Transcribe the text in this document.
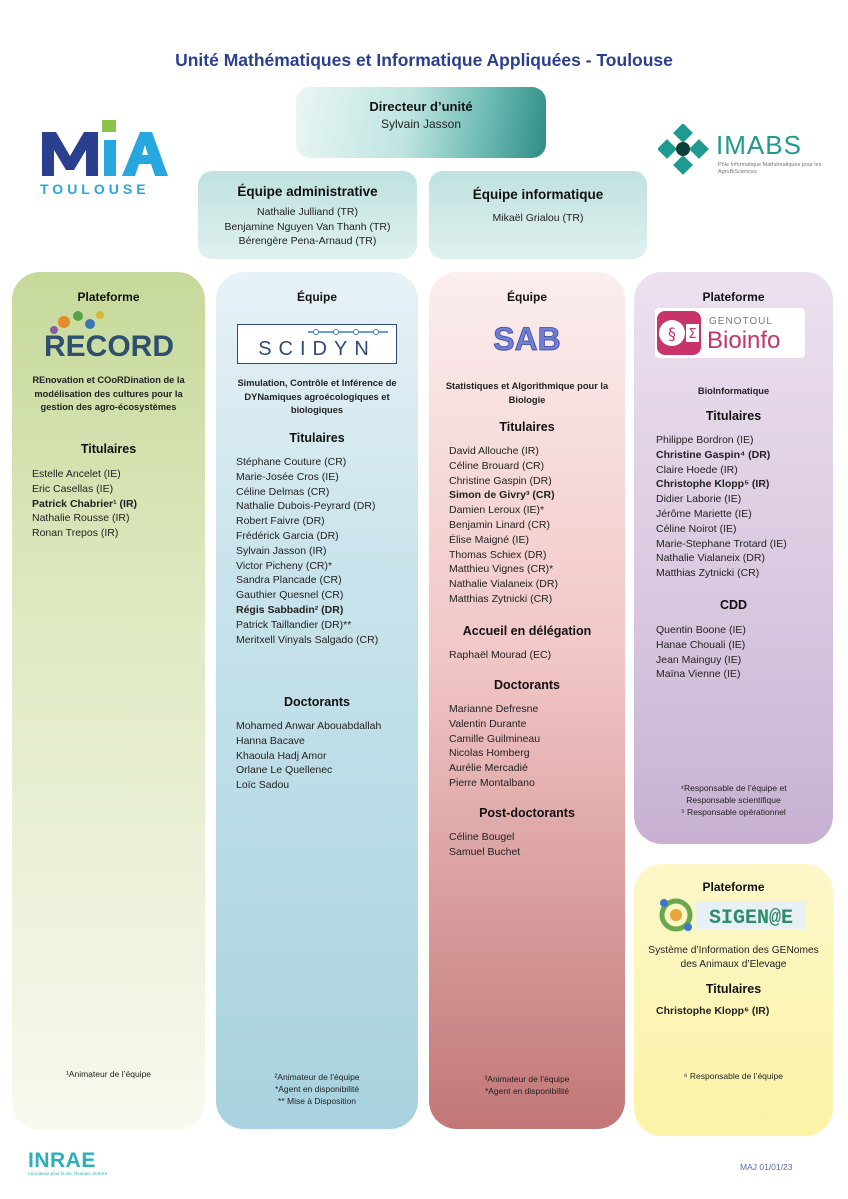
Unité Mathématiques et Informatique Appliquées - Toulouse
TOULOUSE
IMABS
Pôle Informatique Mathématiques pour les AgroBiSciences
Directeur d’unité
Sylvain Jasson
Équipe administrative
Nathalie Julliand (TR)
Benjamine Nguyen Van Thanh (TR)
Bérengère Pena-Arnaud (TR)
Équipe informatique
Mikaël Grialou (TR)
Plateforme
RECORD
REnovation et COoRDination de la modélisation des cultures pour la gestion des agro-écosystèmes
Titulaires
Estelle Ancelet (IE)
Eric Casellas (IE)
Patrick Chabrier¹ (IR)
Nathalie Rousse (IR)
Ronan Trepos (IR)
¹Animateur de l’équipe
Équipe
SCIDYN
Simulation, Contrôle et Inférence de DYNamiques agroécologiques et biologiques
Titulaires
Stéphane Couture (CR)
Marie-Josée Cros (IE)
Céline Delmas (CR)
Nathalie Dubois-Peyrard (DR)
Robert Faivre (DR)
Frédérick Garcia (DR)
Sylvain Jasson (IR)
Victor Picheny (CR)*
Sandra Plancade (CR)
Gauthier Quesnel (CR)
Régis Sabbadin² (DR)
Patrick Taillandier (DR)**
Meritxell Vinyals Salgado (CR)
Doctorants
Mohamed Anwar Abouabdallah
Hanna Bacave
Khaoula Hadj Amor
Orlane Le Quellenec
Loïc Sadou
²Animateur de l’équipe
*Agent en disponibilité
** Mise à Disposition
Équipe
SAB
Statistiques et Algorithmique pour la Biologie
Titulaires
David Allouche (IR)
Céline Brouard (CR)
Christine Gaspin (DR)
Simon de Givry³ (CR)
Damien Leroux (IE)*
Benjamin Linard (CR)
Élise Maigné (IE)
Thomas Schiex (DR)
Matthieu Vignes (CR)*
Nathalie Vialaneix (DR)
Matthias Zytnicki (CR)
Accueil en délégation
Raphaël Mourad (EC)
Doctorants
Marianne Defresne
Valentin Durante
Camille Guilmineau
Nicolas Homberg
Aurélie Mercadié
Pierre Montalbano
Post-doctorants
Céline Bougel
Samuel Buchet
³Animateur de l’équipe
*Agent en disponibilité
Plateforme
§ Σ
GENOTOUL
Bioinfo
BioInformatique
Titulaires
Philippe Bordron (IE)
Christine Gaspin⁴ (DR)
Claire Hoede (IR)
Christophe Klopp⁵ (IR)
Didier Laborie (IE)
Jérôme Mariette (IE)
Céline Noirot (IE)
Marie-Stephane Trotard (IE)
Nathalie Vialaneix (DR)
Matthias Zytnicki (CR)
CDD
Quentin Boone (IE)
Hanae Chouali (IE)
Jean Mainguy (IE)
Maïna Vienne (IE)
⁴Responsable de l’équipe et
Responsable scientifique
⁵ Responsable opérationnel
Plateforme
SIGEN@E
Système d’Information des GENomes des Animaux d’Elevage
Titulaires
Christophe Klopp⁶ (IR)
⁶ Responsable de l’équipe
INRAE
La science pour la vie, l'humain, la terre
MAJ 01/01/23
